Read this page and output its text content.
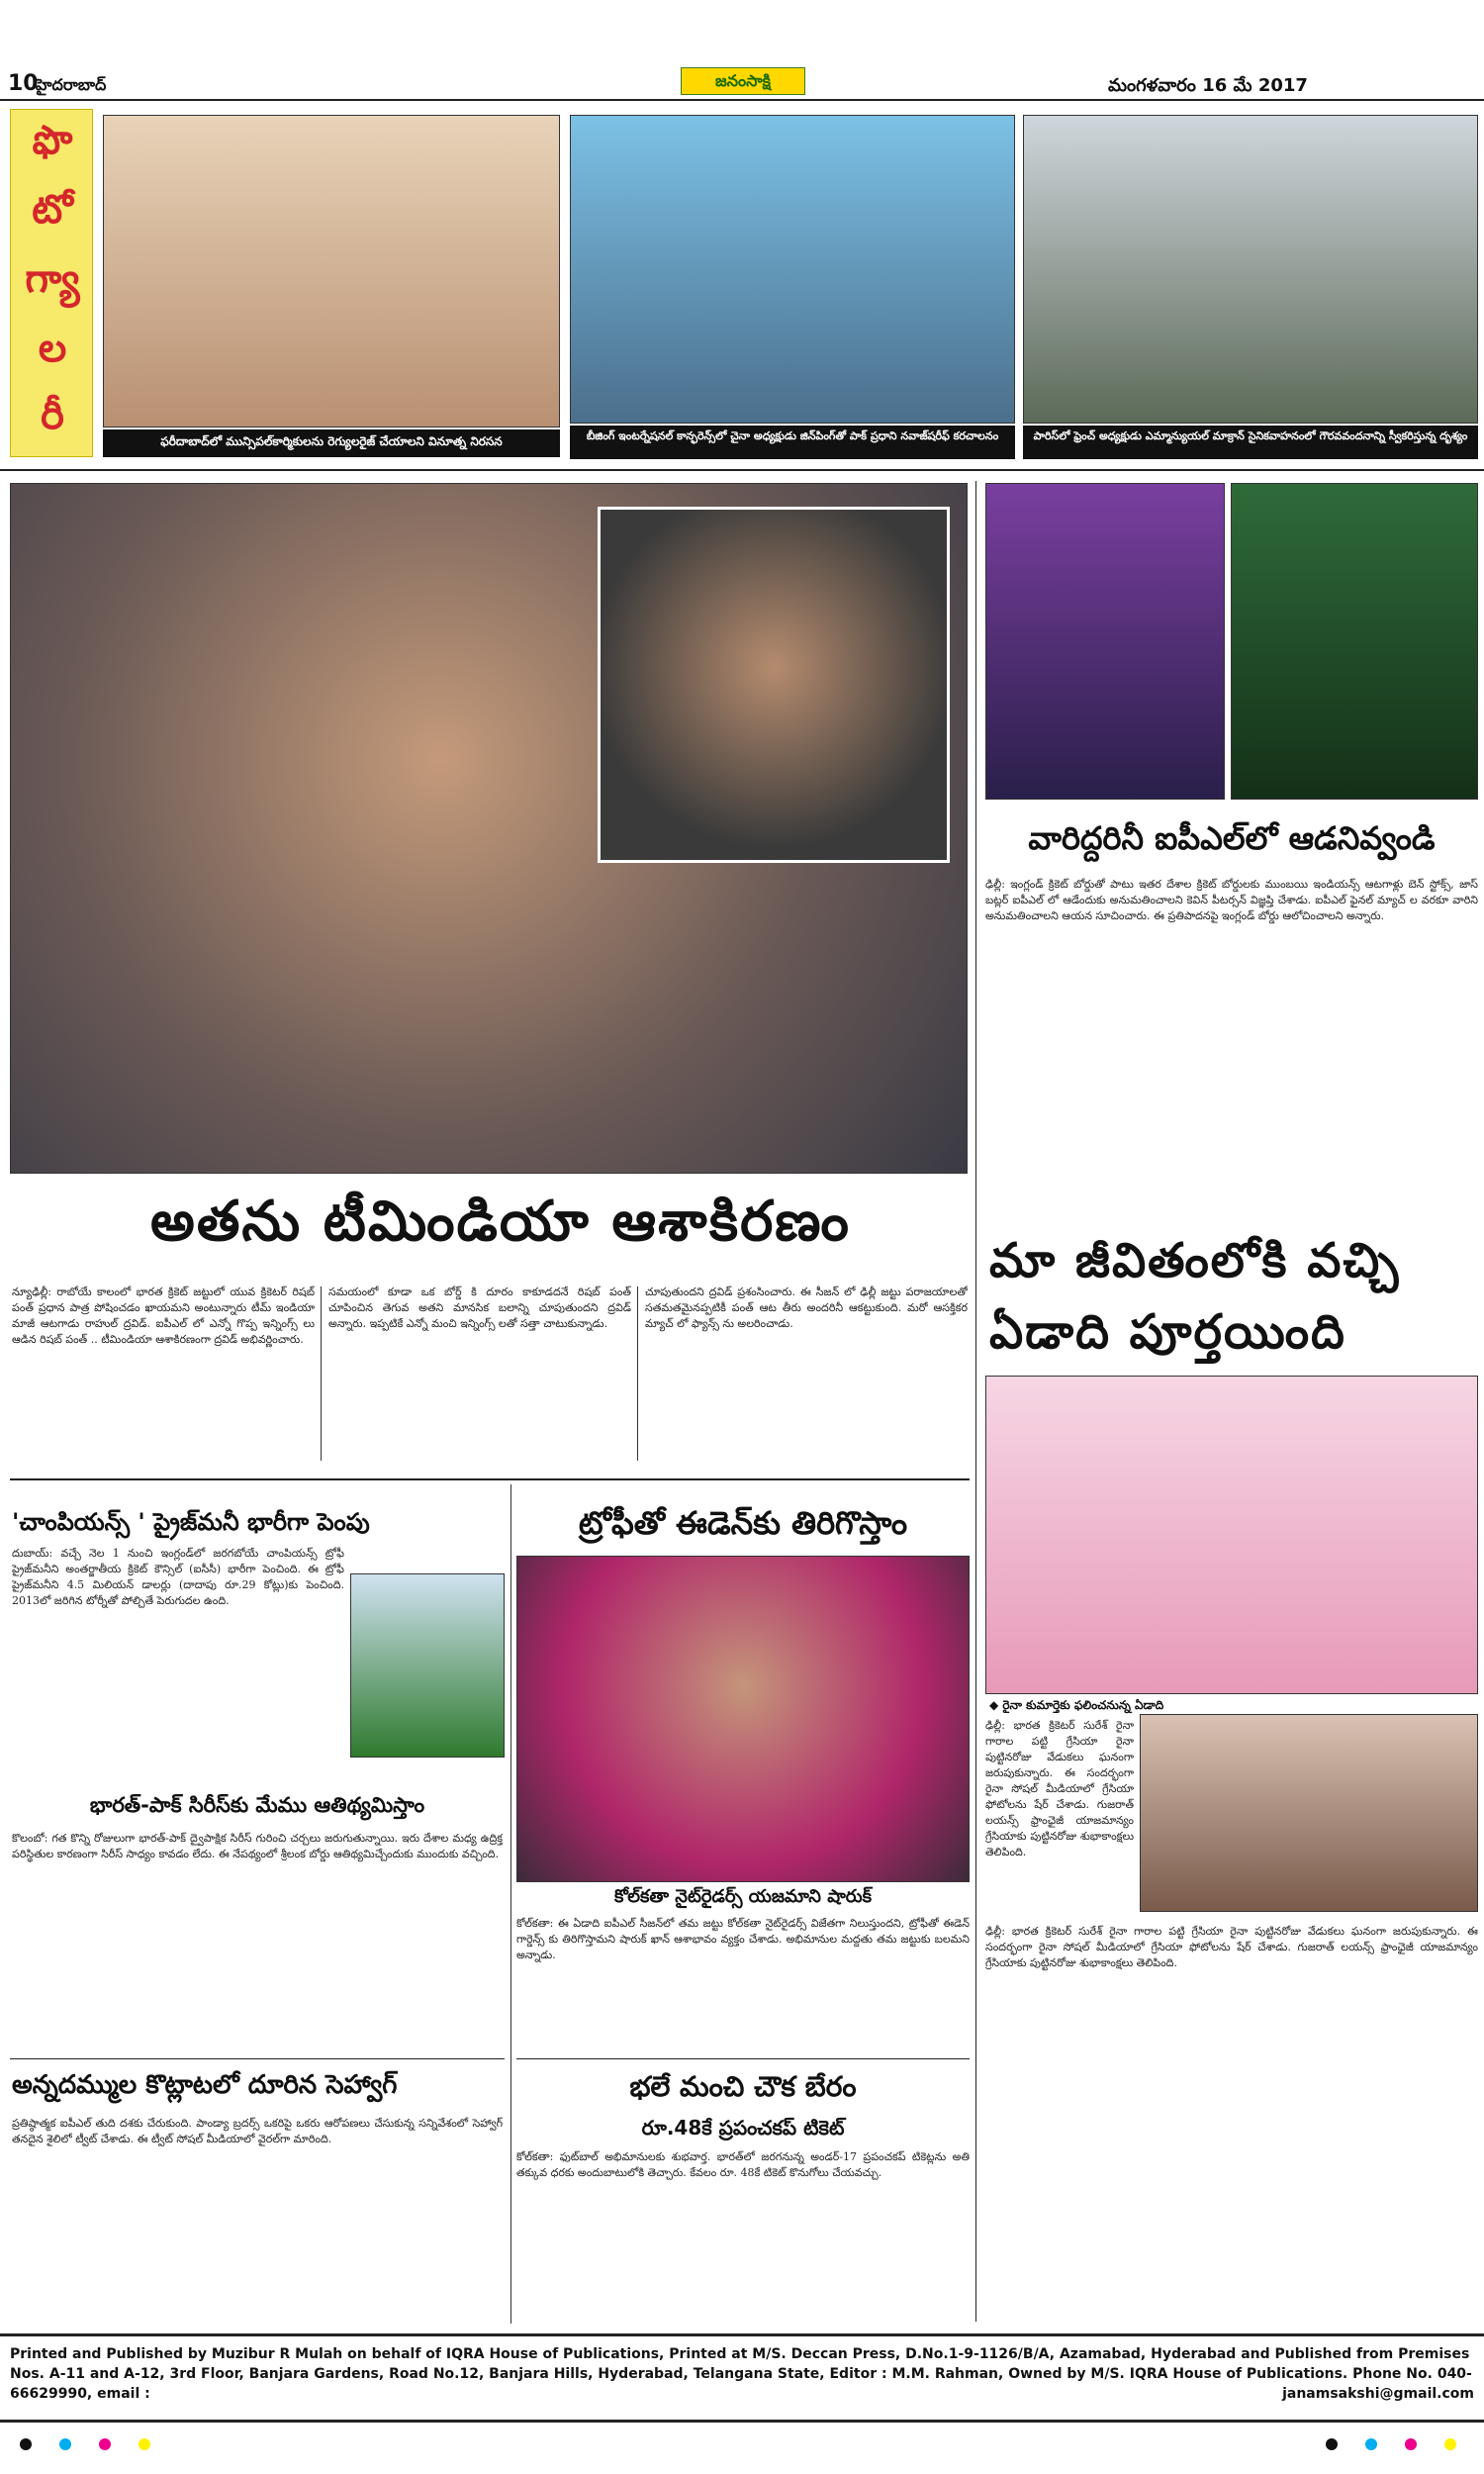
10
హైదరాబాద్	జనంసాక్షి	మంగళవారం 16 మే 2017
ఫొ
టో
గ్యా
ల
రీ
ఫరీదాబాద్‌లో మున్సిపల్‌కార్మికులను రెగ్యులరైజ్ చేయాలని వినూత్న నిరసన	బీజింగ్ ఇంటర్నేషనల్ కాన్ఫరెన్స్‌లో చైనా అధ్యక్షుడు జిన్‌పింగ్‌తో పాక్ ప్రధాని నవాజ్‌షరీఫ్ కరచాలనం	పారిస్‌లో ఫ్రెంచ్ అధ్యక్షుడు ఎమ్మాన్యుయల్ మాక్రాన్ సైనికవాహనంలో గౌరవవందనాన్ని స్వీకరిస్తున్న దృశ్యం
అతను టీమిండియా ఆశాకిరణం
న్యూఢిల్లీ: రాబోయే కాలంలో భారత క్రికెట్ జట్టులో యువ క్రికెటర్ రిషబ్ పంత్ ప్రధాన పాత్ర పోషించడం ఖాయమని అంటున్నారు టీమ్ ఇండియా మాజీ ఆటగాడు రాహుల్ ద్రవిడ్. ఐపీఎల్ లో ఎన్నో గొప్ప ఇన్నింగ్స్ లు ఆడిన రిషబ్ పంత్ .. టీమిండియా ఆశాకిరణంగా ద్రవిడ్ అభివర్ణించారు.
సమయంలో కూడా ఒక బోర్డ్ కి దూరం కాకూడదనే రిషబ్ పంత్ చూపించిన తెగువ అతని మానసిక బలాన్ని చూపుతుందని ద్రవిడ్ అన్నారు. ఇప్పటికే ఎన్నో మంచి ఇన్నింగ్స్ లతో సత్తా చాటుకున్నాడు.
చూపుతుందని ద్రవిడ్ ప్రశంసించారు. ఈ సీజన్ లో ఢిల్లీ జట్టు పరాజయాలతో సతమతమైనప్పటికీ పంత్ ఆట తీరు అందరినీ ఆకట్టుకుంది. మరో ఆసక్తికర మ్యాచ్ లో ఫ్యాన్స్ ను అలరించాడు.
వారిద్దరినీ ఐపీఎల్‌లో ఆడనివ్వండి
ఢిల్లీ: ఇంగ్లండ్ క్రికెట్ బోర్డుతో పాటు ఇతర దేశాల క్రికెట్ బోర్డులకు ముంబయి ఇండియన్స్ ఆటగాళ్లు బెన్ స్టోక్స్, జాస్ బట్లర్ ఐపీఎల్ లో ఆడేందుకు అనుమతించాలని కెవిన్ పీటర్సన్ విజ్ఞప్తి చేశాడు. ఐపీఎల్ ఫైనల్ మ్యాచ్ ల వరకూ వారిని అనుమతించాలని ఆయన సూచించారు. ఈ ప్రతిపాదనపై ఇంగ్లండ్ బోర్డు ఆలోచించాలని అన్నారు.
మా జీవితంలోకి వచ్చి ఏడాది పూర్తయింది
◆ రైనా కుమార్తెకు ఫలించనున్న ఏడాది
ఢిల్లీ: భారత క్రికెటర్ సురేశ్ రైనా గారాల పట్టి గ్రేసియా రైనా పుట్టినరోజు వేడుకలు ఘనంగా జరుపుకున్నారు. ఈ సందర్భంగా రైనా సోషల్ మీడియాలో గ్రేసియా ఫోటోలను షేర్ చేశాడు. గుజరాత్ లయన్స్ ఫ్రాంఛైజీ యాజమాన్యం గ్రేసియాకు పుట్టినరోజు శుభాకాంక్షలు తెలిపింది.
ఢిల్లీ: భారత క్రికెటర్ సురేశ్ రైనా గారాల పట్టి గ్రేసియా రైనా పుట్టినరోజు వేడుకలు ఘనంగా జరుపుకున్నారు. ఈ సందర్భంగా రైనా సోషల్ మీడియాలో గ్రేసియా ఫోటోలను షేర్ చేశాడు. గుజరాత్ లయన్స్ ఫ్రాంఛైజీ యాజమాన్యం గ్రేసియాకు పుట్టినరోజు శుభాకాంక్షలు తెలిపింది.
'చాంపియన్స్ ' ప్రైజ్‌మనీ భారీగా పెంపు
దుబాయ్: వచ్చే నెల 1 నుంచి ఇంగ్లండ్‌లో జరగబోయే చాంపియన్స్ ట్రోఫీ ప్రైజ్‌మనీని అంతర్జాతీయ క్రికెట్ కౌన్సిల్ (ఐసీసీ) భారీగా పెంచింది. ఈ ట్రోఫీ ప్రైజ్‌మనీని 4.5 మిలియన్ డాలర్లు (దాదాపు రూ.29 కోట్లు)కు పెంచింది. 2013లో జరిగిన టోర్నీతో పోల్చితే పెరుగుదల ఉంది.
భారత్-పాక్ సిరీస్‌కు మేము ఆతిథ్యమిస్తాం
కొలంబో: గత కొన్ని రోజులుగా భారత్-పాక్ ద్వైపాక్షిక సిరీస్ గురించి చర్చలు జరుగుతున్నాయి. ఇరు దేశాల మధ్య ఉద్రిక్త పరిస్థితుల కారణంగా సిరీస్ సాధ్యం కావడం లేదు. ఈ నేపథ్యంలో శ్రీలంక బోర్డు ఆతిథ్యమిచ్చేందుకు ముందుకు వచ్చింది.
అన్నదమ్ముల కొట్లాటలో దూరిన సెహ్వాగ్
ప్రతిష్ఠాత్మక ఐపీఎల్ తుది దశకు చేరుకుంది. పాండ్యా బ్రదర్స్ ఒకరిపై ఒకరు ఆరోపణలు చేసుకున్న సన్నివేశంలో సెహ్వాగ్ తనదైన శైలిలో ట్వీట్ చేశాడు. ఈ ట్వీట్ సోషల్ మీడియాలో వైరల్‌గా మారింది.
ట్రోఫీతో ఈడెన్‌కు తిరిగొస్తాం
కోల్‌కతా నైట్‌రైడర్స్ యజమాని షారుక్
కోల్‌కతా: ఈ ఏడాది ఐపీఎల్ సీజన్‌లో తమ జట్టు కోల్‌కతా నైట్‌రైడర్స్ విజేతగా నిలుస్తుందని, ట్రోఫీతో ఈడెన్ గార్డెన్స్ కు తిరిగొస్తామని షారుక్ ఖాన్ ఆశాభావం వ్యక్తం చేశాడు. అభిమానుల మద్దతు తమ జట్టుకు బలమని అన్నాడు.
భలే మంచి చౌక బేరం
రూ.48కే ప్రపంచకప్ టికెట్
కోల్‌కతా: ఫుట్‌బాల్ అభిమానులకు శుభవార్త. భారత్‌లో జరగనున్న అండర్-17 ప్రపంచకప్ టికెట్లను అతి తక్కువ ధరకు అందుబాటులోకి తెచ్చారు. కేవలం రూ. 48కే టికెట్ కొనుగోలు చేయవచ్చు.
Printed and Published by Muzibur R Mulah on behalf of IQRA House of Publications, Printed at M/S. Deccan Press, D.No.1-9-1126/B/A, Azamabad, Hyderabad and Published from Premises Nos. A-11 and A-12, 3rd Floor, Banjara Gardens, Road No.12, Banjara Hills, Hyderabad, Telangana State, Editor : M.M. Rahman, Owned by M/S. IQRA House of Publications. Phone No. 040-66629990, email :	janamsakshi@gmail.com
